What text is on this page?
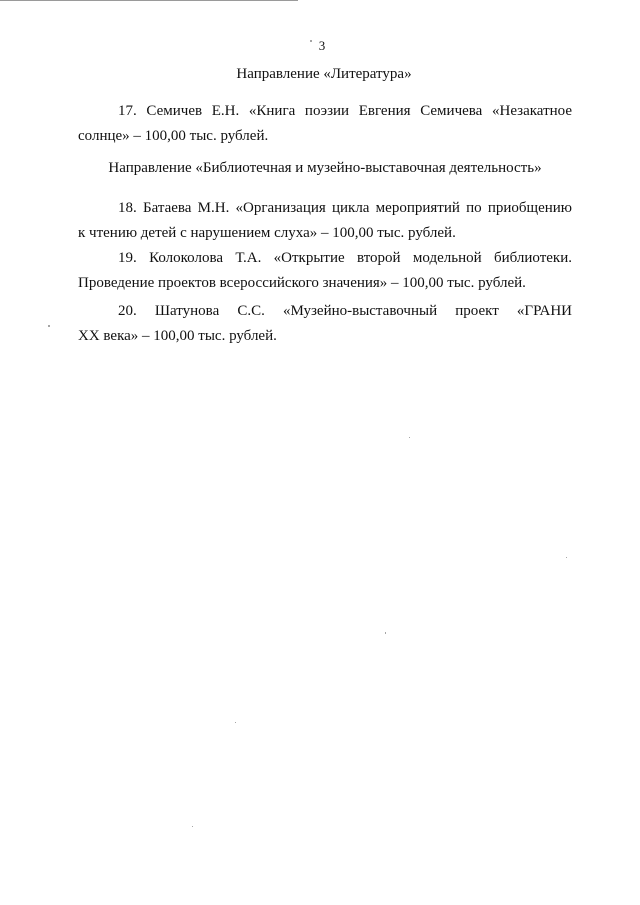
3
Направление «Литература»
17. Семичев Е.Н. «Книга поэзии Евгения Семичева «Незакатное
солнце» – 100,00 тыс. рублей.
Направление «Библиотечная и музейно-выставочная деятельность»
18. Батаева М.Н. «Организация цикла мероприятий по приобщению
к чтению детей с нарушением слуха» – 100,00 тыс. рублей.
19. Колоколова Т.А. «Открытие второй модельной библиотеки.
Проведение проектов всероссийского значения» – 100,00 тыс. рублей.
20. Шатунова С.С. «Музейно-выставочный проект «ГРАНИ
XX века» – 100,00 тыс. рублей.
